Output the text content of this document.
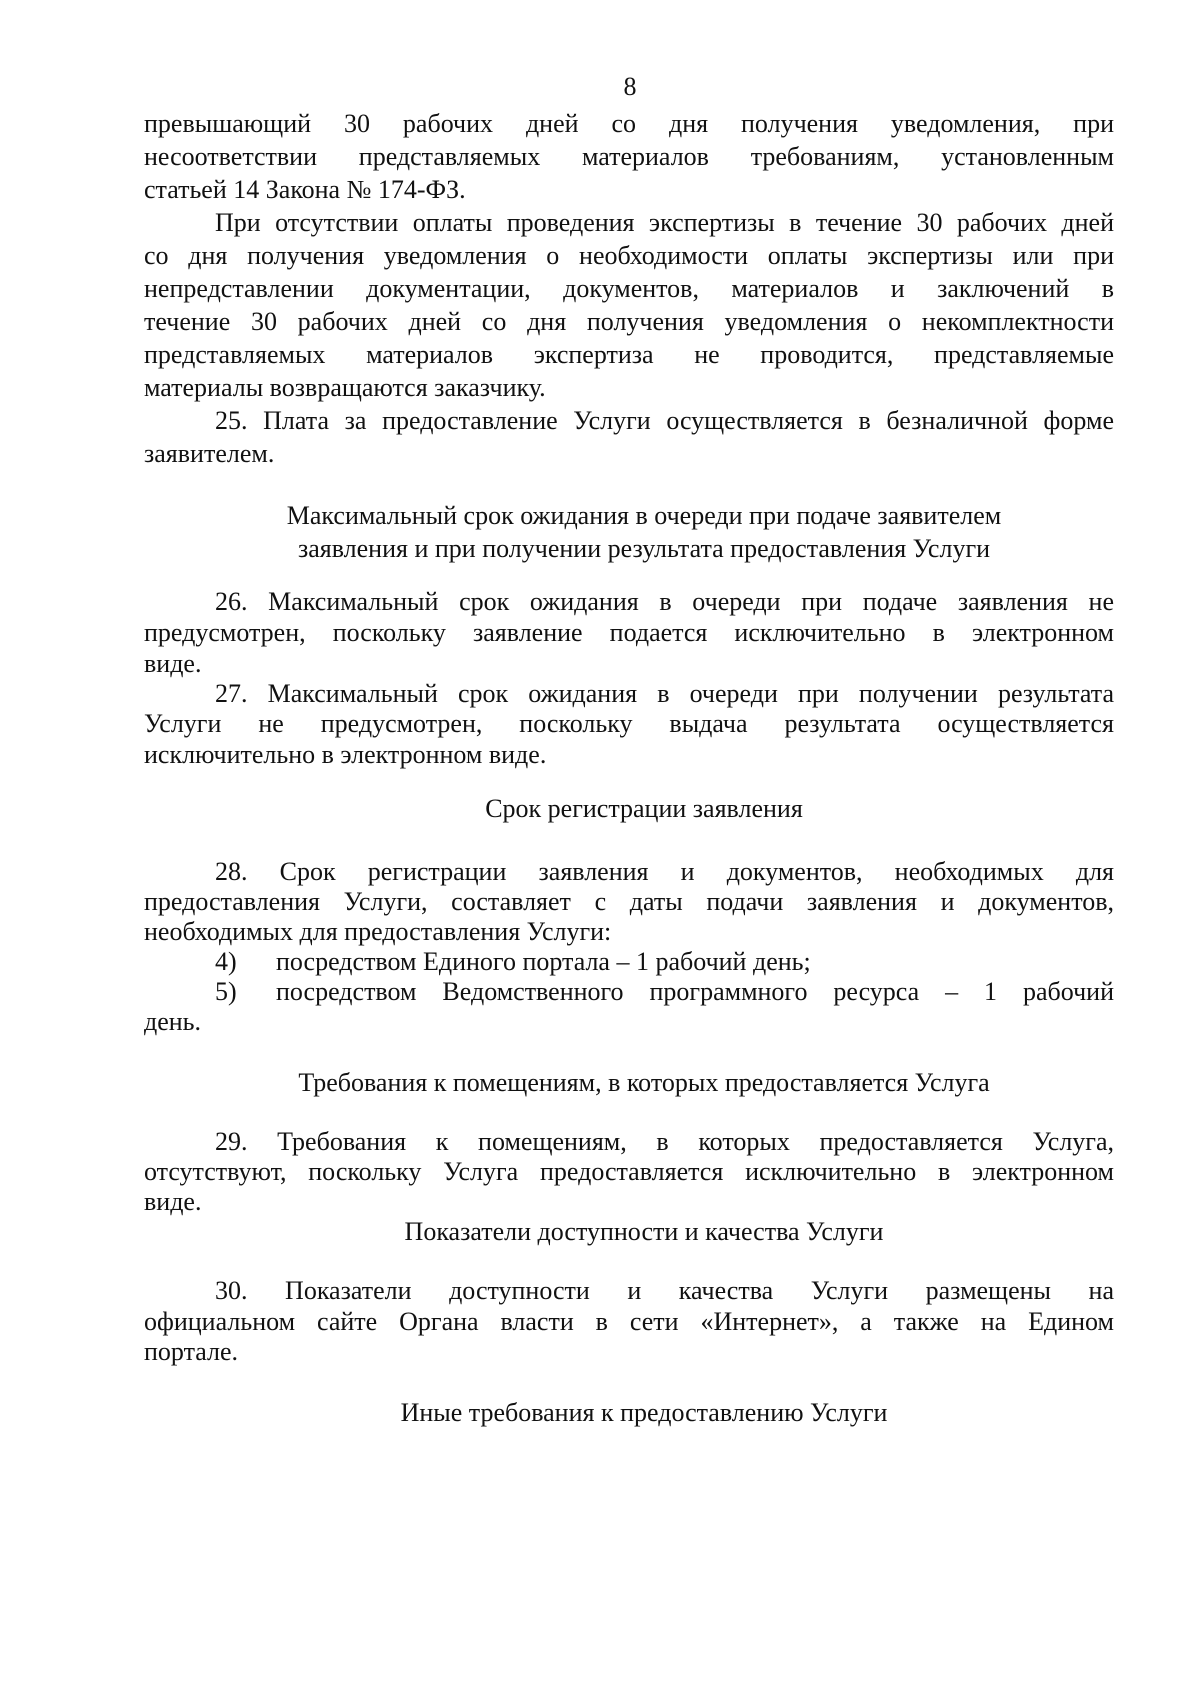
8
превышающий 30 рабочих дней со дня получения уведомления, при
несоответствии представляемых материалов требованиям, установленным
статьей 14 Закона № 174-ФЗ.
При отсутствии оплаты проведения экспертизы в течение 30 рабочих дней
со дня получения уведомления о необходимости оплаты экспертизы или при
непредставлении документации, документов, материалов и заключений в
течение 30 рабочих дней со дня получения уведомления о некомплектности
представляемых материалов экспертиза не проводится, представляемые
материалы возвращаются заказчику.
25. Плата за предоставление Услуги осуществляется в безналичной форме
заявителем.
Максимальный срок ожидания в очереди при подаче заявителем
заявления и при получении результата предоставления Услуги
26. Максимальный срок ожидания в очереди при подаче заявления не
предусмотрен, поскольку заявление подается исключительно в электронном
виде.
27. Максимальный срок ожидания в очереди при получении результата
Услуги не предусмотрен, поскольку выдача результата осуществляется
исключительно в электронном виде.
Срок регистрации заявления
28. Срок регистрации заявления и документов, необходимых для
предоставления Услуги, составляет с даты подачи заявления и документов,
необходимых для предоставления Услуги:
4) посредством Единого портала – 1 рабочий день;
5) посредством Ведомственного программного ресурса – 1 рабочий
день.
Требования к помещениям, в которых предоставляется Услуга
29. Требования к помещениям, в которых предоставляется Услуга,
отсутствуют, поскольку Услуга предоставляется исключительно в электронном
виде.
Показатели доступности и качества Услуги
30. Показатели доступности и качества Услуги размещены на
официальном сайте Органа власти в сети «Интернет», а также на Едином
портале.
Иные требования к предоставлению Услуги
